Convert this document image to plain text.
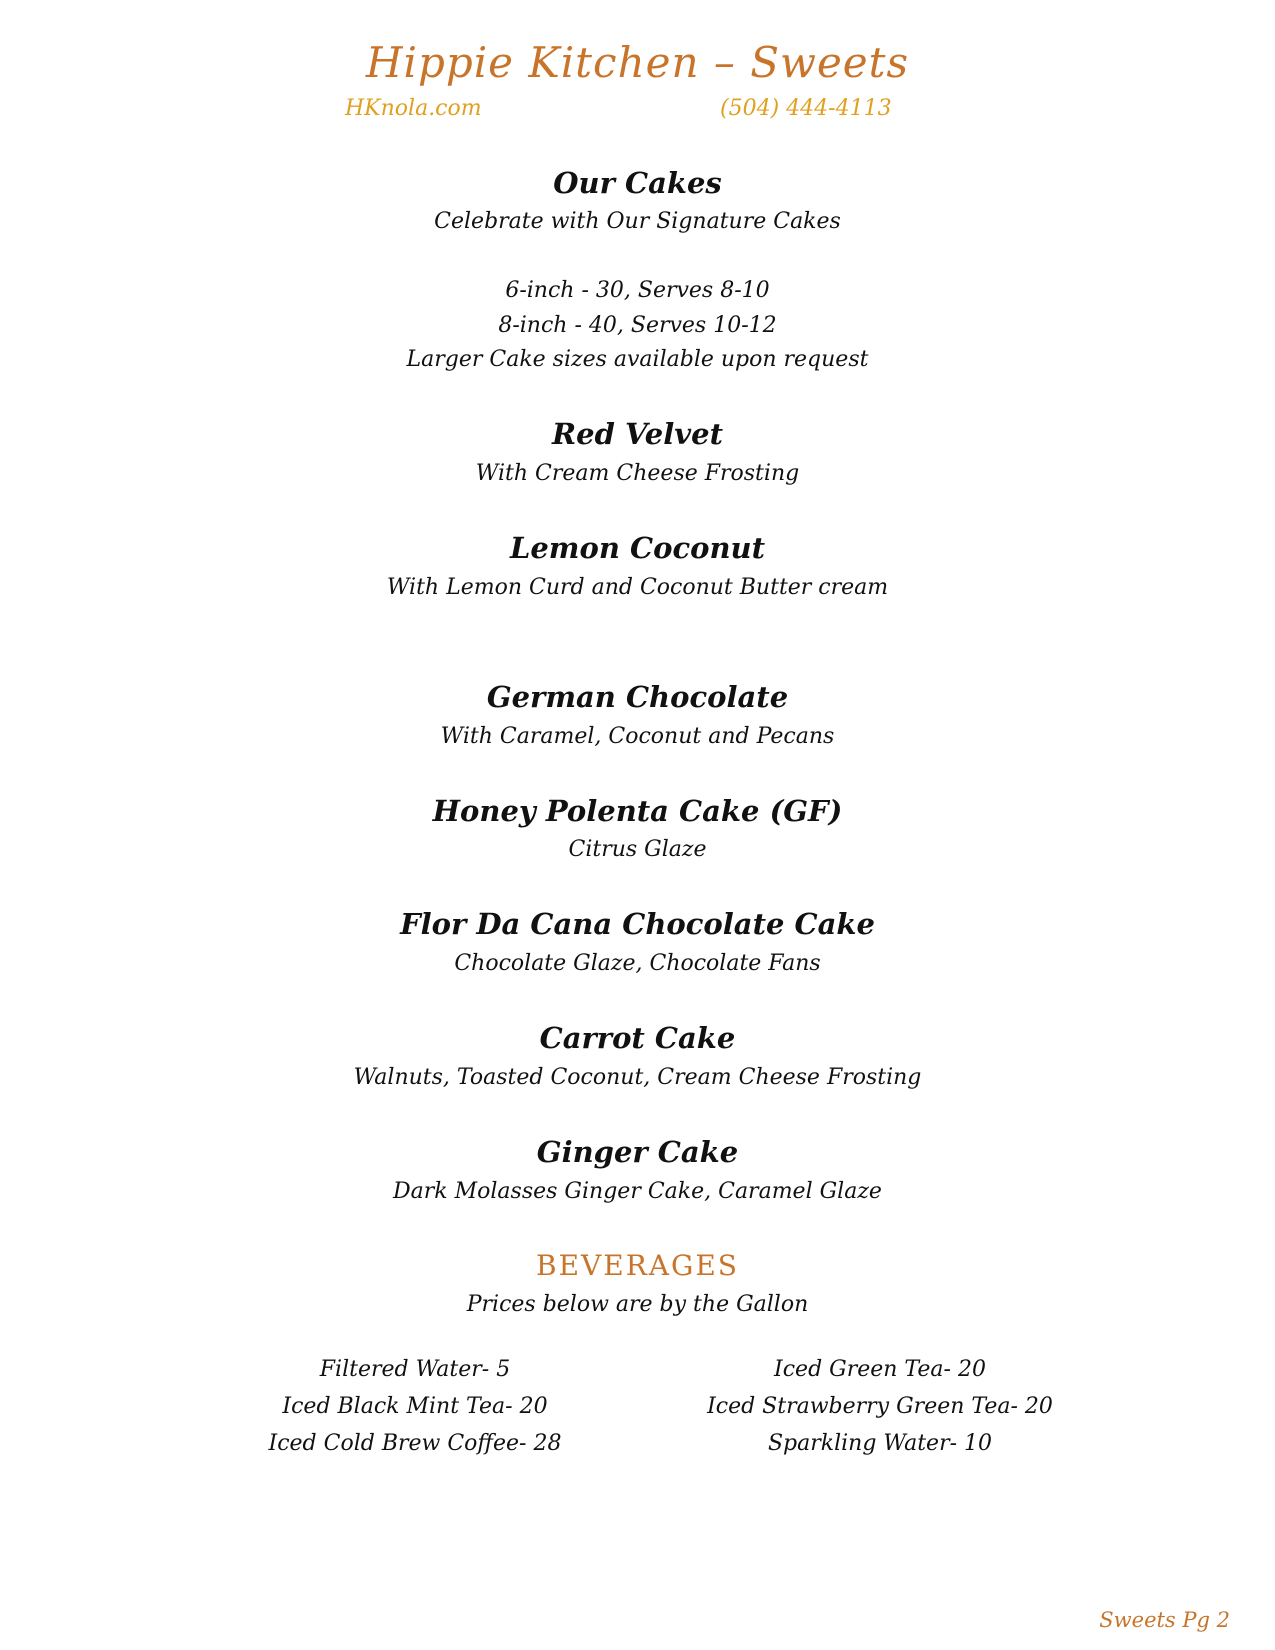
Hippie Kitchen – Sweets
HKnola.com	(504) 444-4113
Our Cakes
Celebrate with Our Signature Cakes
6-inch - 30, Serves 8-10
8-inch - 40, Serves 10-12
Larger Cake sizes available upon request
Red Velvet
With Cream Cheese Frosting
Lemon Coconut
With Lemon Curd and Coconut Butter cream
German Chocolate
With Caramel, Coconut and Pecans
Honey Polenta Cake (GF)
Citrus Glaze
Flor Da Cana Chocolate Cake
Chocolate Glaze, Chocolate Fans
Carrot Cake
Walnuts, Toasted Coconut, Cream Cheese Frosting
Ginger Cake
Dark Molasses Ginger Cake, Caramel Glaze
BEVERAGES
Prices below are by the Gallon
Filtered Water- 5
Iced Black Mint Tea- 20
Iced Cold Brew Coffee- 28
Iced Green Tea- 20
Iced Strawberry Green Tea- 20
Sparkling Water- 10
Sweets Pg 2
